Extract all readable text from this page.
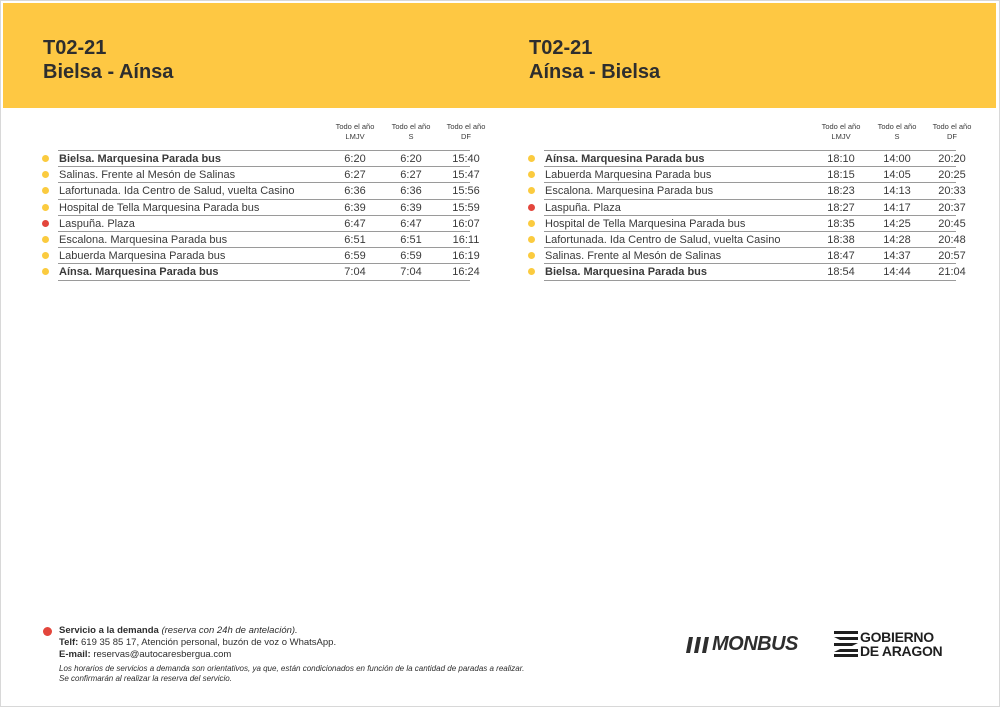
T02-21
Bielsa - Aínsa
T02-21
Aínsa - Bielsa
Todo el año
LMJV
Todo el año
S
Todo el año
DF
Bielsa. Marquesina Parada bus	6:20	6:20	15:40
Salinas. Frente al Mesón de Salinas	6:27	6:27	15:47
Lafortunada. Ida Centro de Salud, vuelta Casino	6:36	6:36	15:56
Hospital de Tella Marquesina Parada bus	6:39	6:39	15:59
Laspuña. Plaza	6:47	6:47	16:07
Escalona. Marquesina Parada bus	6:51	6:51	16:11
Labuerda Marquesina Parada bus	6:59	6:59	16:19
Aínsa. Marquesina Parada bus	7:04	7:04	16:24
Todo el año
LMJV
Todo el año
S
Todo el año
DF
Aínsa. Marquesina Parada bus	18:10	14:00	20:20
Labuerda Marquesina Parada bus	18:15	14:05	20:25
Escalona. Marquesina Parada bus	18:23	14:13	20:33
Laspuña. Plaza	18:27	14:17	20:37
Hospital de Tella Marquesina Parada bus	18:35	14:25	20:45
Lafortunada. Ida Centro de Salud, vuelta Casino	18:38	14:28	20:48
Salinas. Frente al Mesón de Salinas	18:47	14:37	20:57
Bielsa. Marquesina Parada bus	18:54	14:44	21:04
Servicio a la demanda (reserva con 24h de antelación).
Telf: 619 35 85 17, Atención personal, buzón de voz o WhatsApp.
E-mail: reservas@autocaresbergua.com
Los horarios de servicios a demanda son orientativos, ya que, están condicionados en función de la cantidad de paradas a realizar.
Se confirmarán al realizar la reserva del servicio.
MONBUS	GOBIERNO
DE ARAGON
